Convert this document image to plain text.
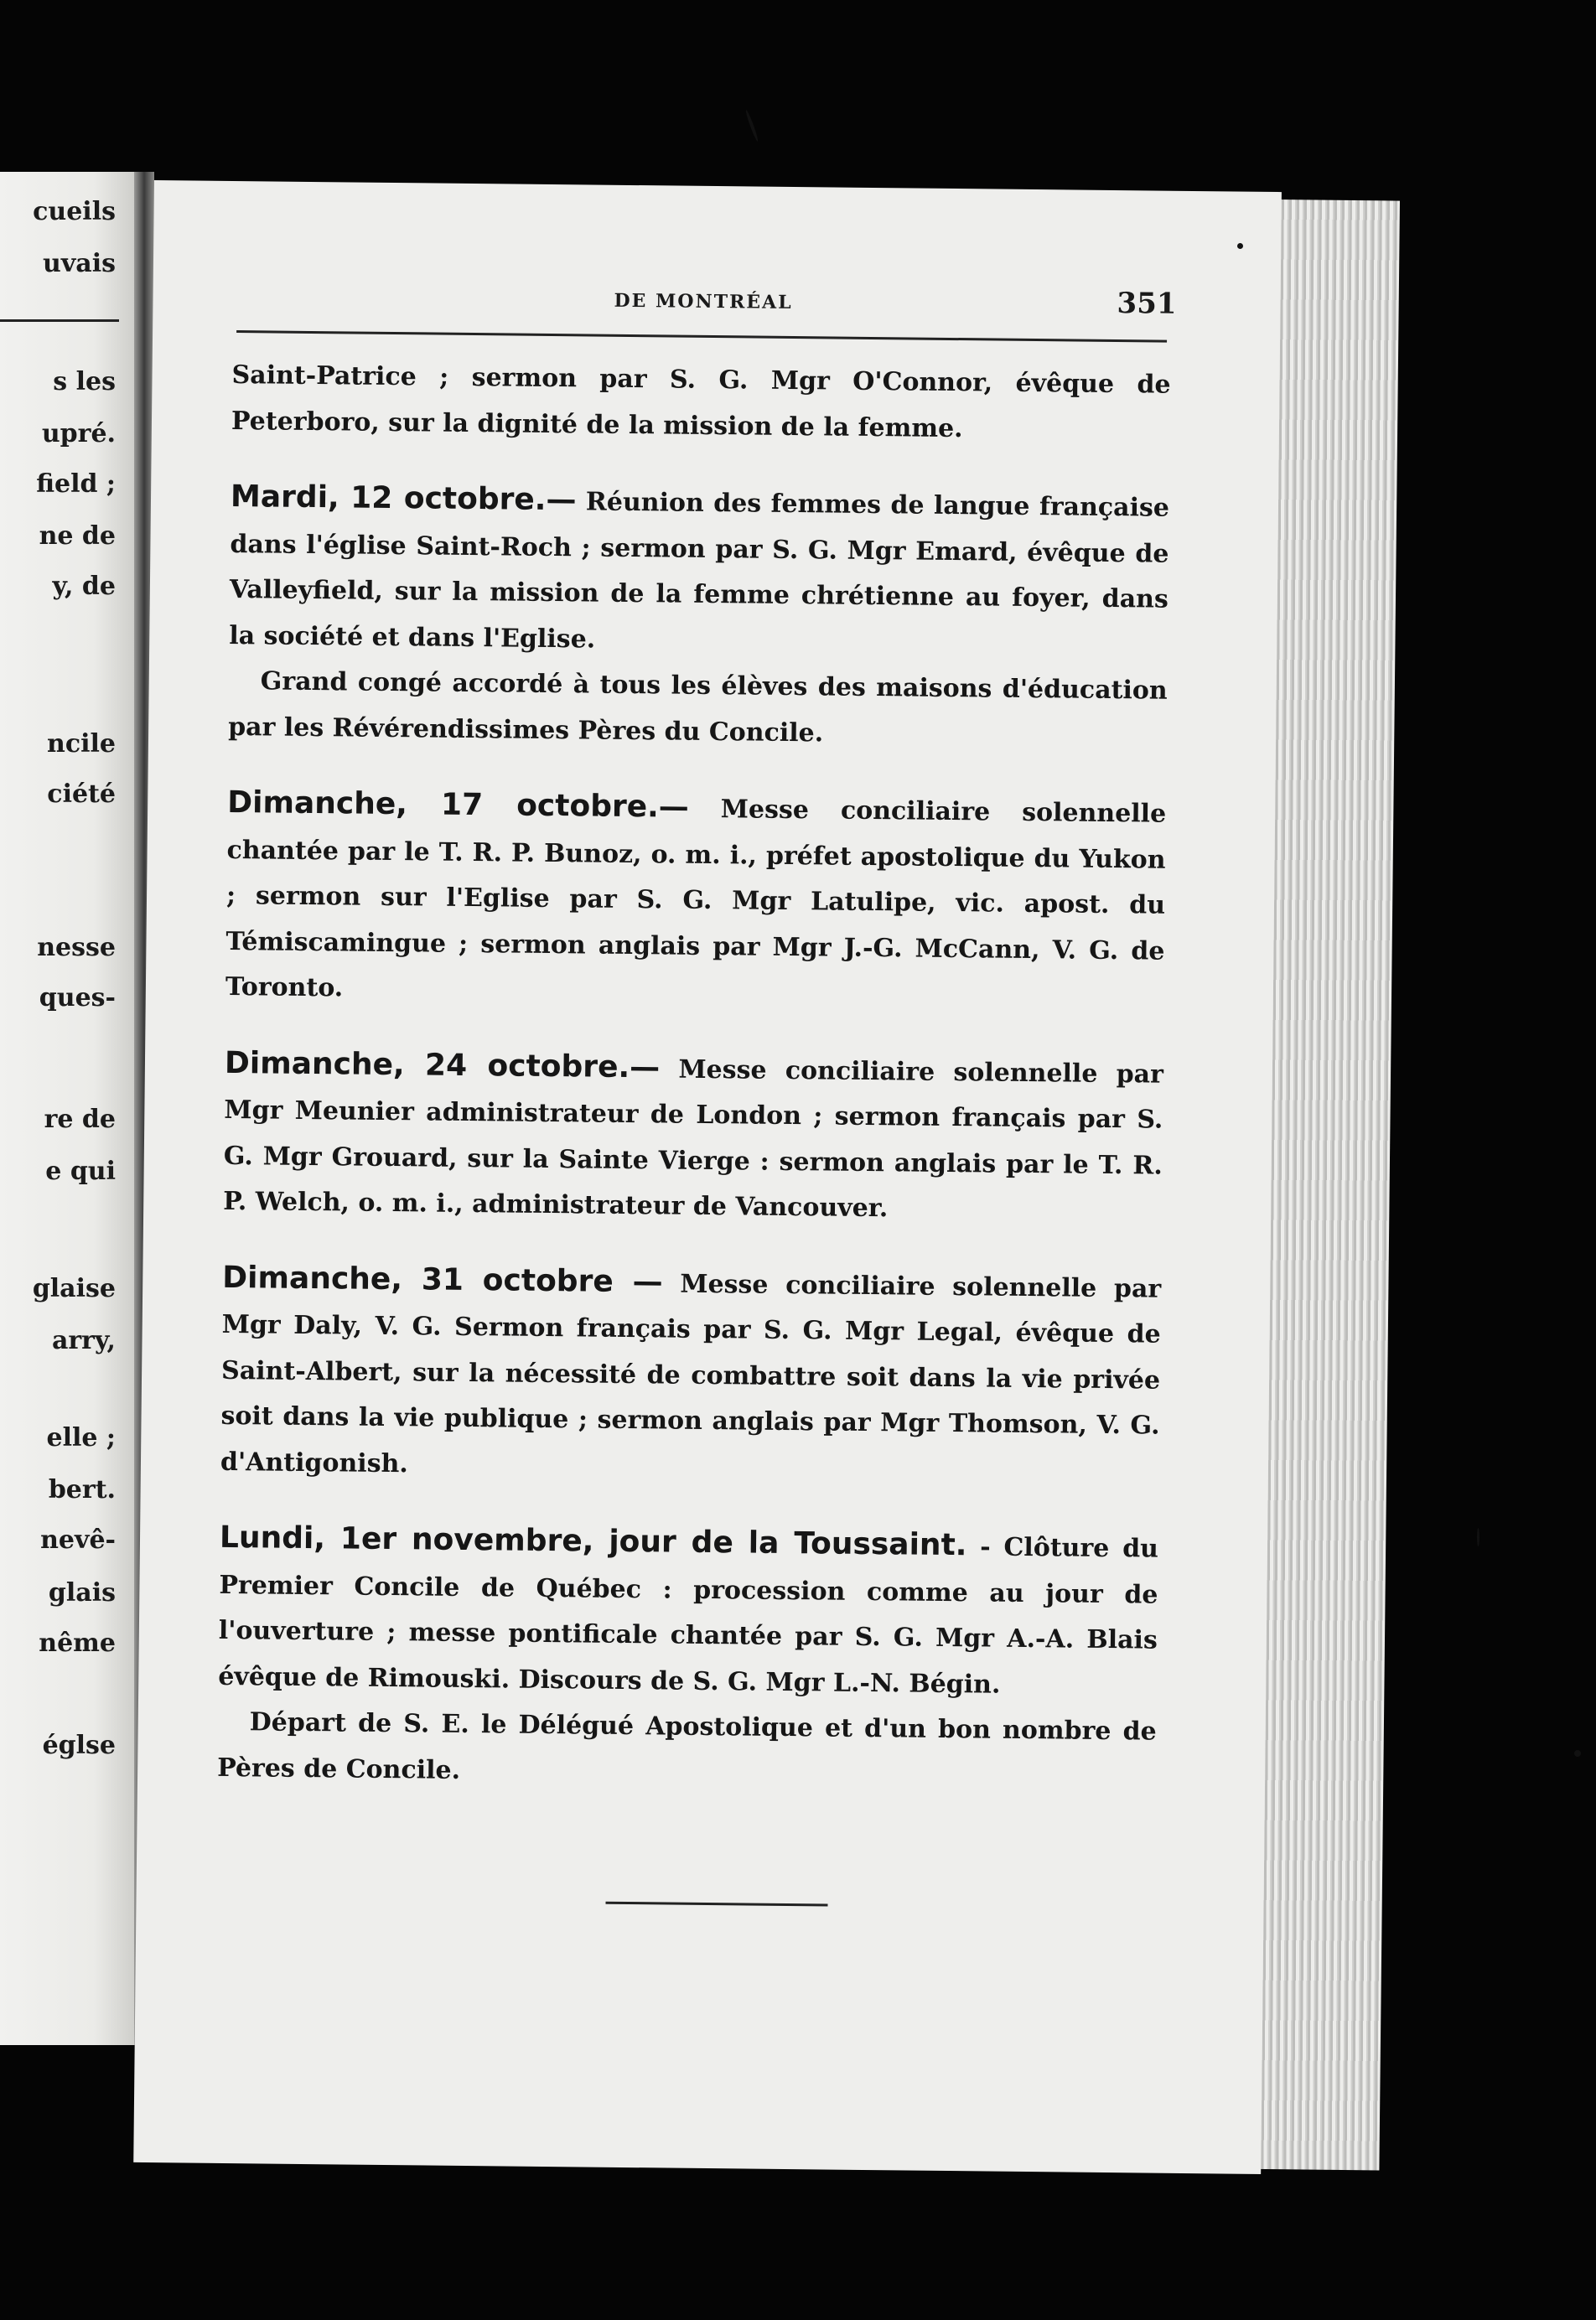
cueils
uvais
s les
upré.
field ;
ne de
y, de
ncile
ciété
nesse
ques-
re de
e qui
glaise
arry,
elle ;
bert.
nevê-
glais
nême
églse
DE MONTRÉAL	351

Saint-Patrice ; sermon par S. G. Mgr O'Connor, évêque de Peterboro, sur la dignité de la mission de la femme.

Mardi, 12 octobre.— Réunion des femmes de langue française dans l'église Saint-Roch ; sermon par S. G. Mgr Emard, évêque de Valleyfield, sur la mission de la femme chrétienne au foyer, dans la société et dans l'Eglise.

Grand congé accordé à tous les élèves des maisons d'éducation par les Révérendissimes Pères du Concile.

Dimanche, 17 octobre.— Messe conciliaire solennelle chantée par le T. R. P. Bunoz, o. m. i., préfet apostolique du Yukon ; sermon sur l'Eglise par S. G. Mgr Latulipe, vic. apost. du Témiscamingue ; sermon anglais par Mgr J.-G. McCann, V. G. de Toronto.

Dimanche, 24 octobre.— Messe conciliaire solennelle par Mgr Meunier administrateur de London ; sermon français par S. G. Mgr Grouard, sur la Sainte Vierge : sermon anglais par le T. R. P. Welch, o. m. i., administrateur de Vancouver.

Dimanche, 31 octobre — Messe conciliaire solennelle par Mgr Daly, V. G. Sermon français par S. G. Mgr Legal, évêque de Saint-Albert, sur la nécessité de combattre soit dans la vie privée soit dans la vie publique ; sermon anglais par Mgr Thomson, V. G. d'Antigonish.

Lundi, 1er novembre, jour de la Toussaint. - Clôture du Premier Concile de Québec : procession comme au jour de l'ouverture ; messe pontificale chantée par S. G. Mgr A.-A. Blais évêque de Rimouski. Discours de S. G. Mgr L.-N. Bégin.

Départ de S. E. le Délégué Apostolique et d'un bon nombre de Pères de Concile.
